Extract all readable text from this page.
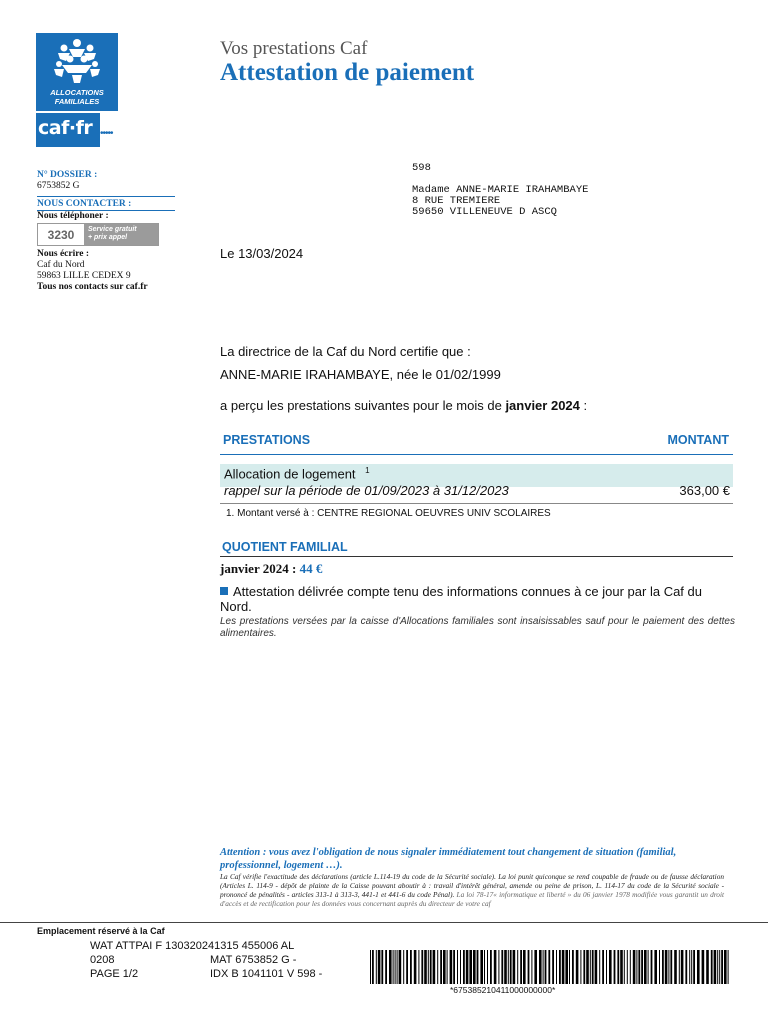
ALLOCATIONS
FAMILIALES
caf·fr •••••
Vos prestations Caf
Attestation de paiement
N° DOSSIER :
6753852 G
NOUS CONTACTER :
Nous téléphoner :
3230	Service gratuit
+ prix appel
Nous écrire :
Caf du Nord
59863 LILLE CEDEX 9
Tous nos contacts sur caf.fr
598
Madame ANNE-MARIE IRAHAMBAYE
8 RUE TREMIERE
59650 VILLENEUVE D ASCQ
Le 13/03/2024
La directrice de la Caf du Nord certifie que :
ANNE-MARIE IRAHAMBAYE, née le 01/02/1999
a perçu les prestations suivantes pour le mois de janvier 2024 :
PRESTATIONS	MONTANT
Allocation de logement $^1$
rappel sur la période de 01/09/2023 à 31/12/2023	363,00 €
1. Montant versé à : CENTRE REGIONAL OEUVRES UNIV SCOLAIRES
QUOTIENT FAMILIAL
janvier 2024 : 44 €
Attestation délivrée compte tenu des informations connues à ce jour par la Caf du Nord.
Les prestations versées par la caisse d'Allocations familiales sont insaisissables sauf pour le paiement des dettes alimentaires.
Attention : vous avez l'obligation de nous signaler immédiatement tout changement de situation (familial, professionnel, logement …).
La Caf vérifie l'exactitude des déclarations (article L.114-19 du code de la Sécurité sociale). La loi punit quiconque se rend coupable de fraude ou de fausse déclaration (Articles L. 114-9 - dépôt de plainte de la Caisse pouvant aboutir à : travail d'intérêt général, amende ou peine de prison, L. 114-17 du code de la Sécurité sociale - prononcé de pénalités - articles 313-1 à 313-3, 441-1 et 441-6 du code Pénal). La loi 78-17« informatique et liberté » du 06 janvier 1978 modifiée vous garantit un droit d'accès et de rectification pour les données vous concernant auprès du directeur de votre caf
Emplacement réservé à la Caf
WAT ATTPAI F 130320241315 455006 AL
0208	MAT 6753852 G -
PAGE 1/2	IDX B 1041101 V 598 -
*675385210411000000000*
